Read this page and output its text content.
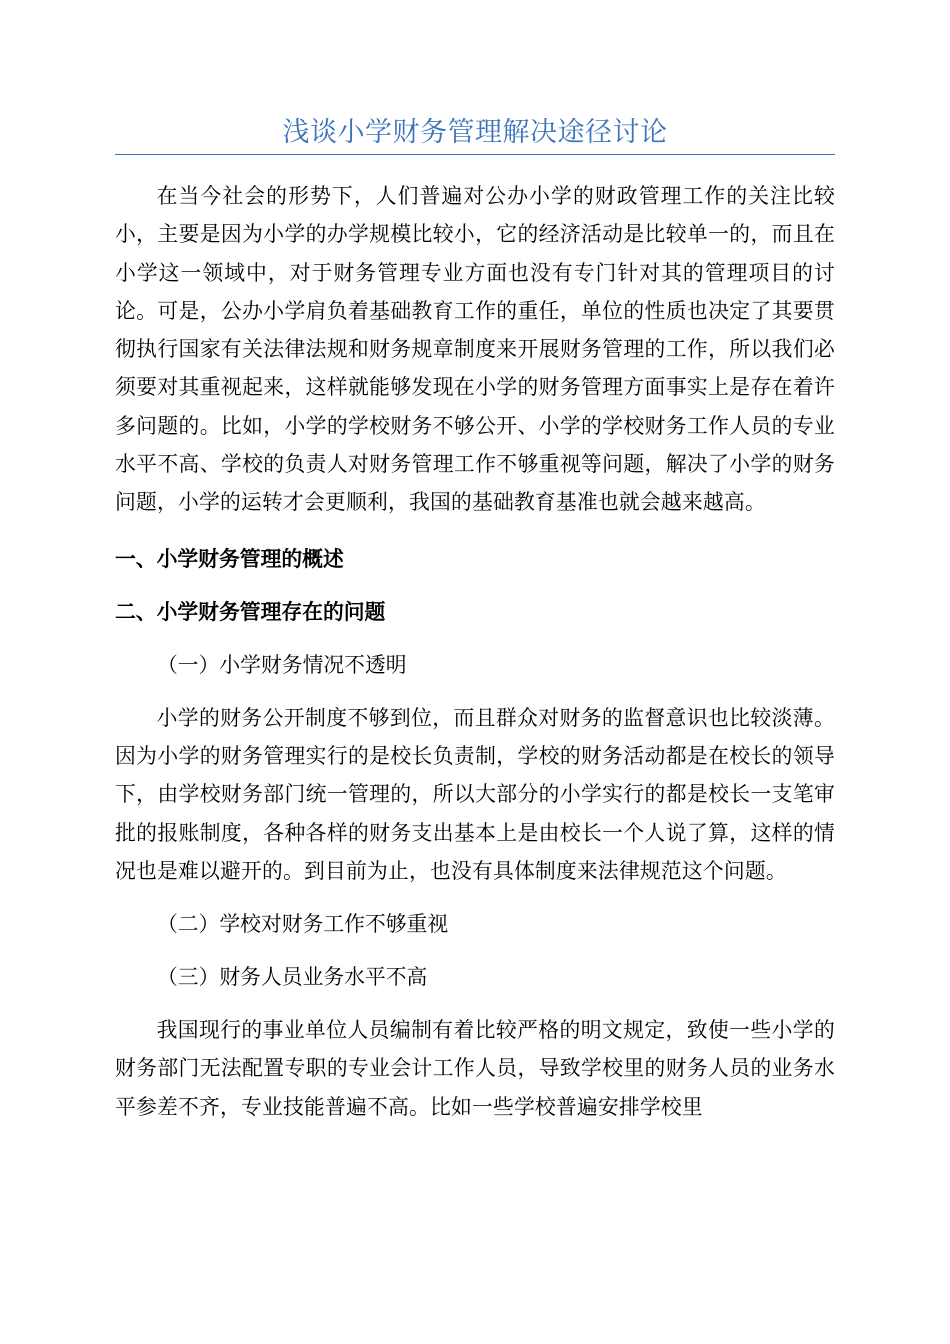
浅谈小学财务管理解决途径讨论

在当今社会的形势下，人们普遍对公办小学的财政管理工作的关注比较小，主要是因为小学的办学规模比较小，它的经济活动是比较单一的，而且在小学这一领域中，对于财务管理专业方面也没有专门针对其的管理项目的讨论。可是，公办小学肩负着基础教育工作的重任，单位的性质也决定了其要贯彻执行国家有关法律法规和财务规章制度来开展财务管理的工作，所以我们必须要对其重视起来，这样就能够发现在小学的财务管理方面事实上是存在着许多问题的。比如，小学的学校财务不够公开、小学的学校财务工作人员的专业水平不高、学校的负责人对财务管理工作不够重视等问题，解决了小学的财务问题，小学的运转才会更顺利，我国的基础教育基准也就会越来越高。

一、小学财务管理的概述

二、小学财务管理存在的问题

（一）小学财务情况不透明

小学的财务公开制度不够到位，而且群众对财务的监督意识也比较淡薄。因为小学的财务管理实行的是校长负责制，学校的财务活动都是在校长的领导下，由学校财务部门统一管理的，所以大部分的小学实行的都是校长一支笔审批的报账制度，各种各样的财务支出基本上是由校长一个人说了算，这样的情况也是难以避开的。到目前为止，也没有具体制度来法律规范这个问题。

（二）学校对财务工作不够重视

（三）财务人员业务水平不高

我国现行的事业单位人员编制有着比较严格的明文规定，致使一些小学的财务部门无法配置专职的专业会计工作人员，导致学校里的财务人员的业务水平参差不齐，专业技能普遍不高。比如一些学校普遍安排学校里
